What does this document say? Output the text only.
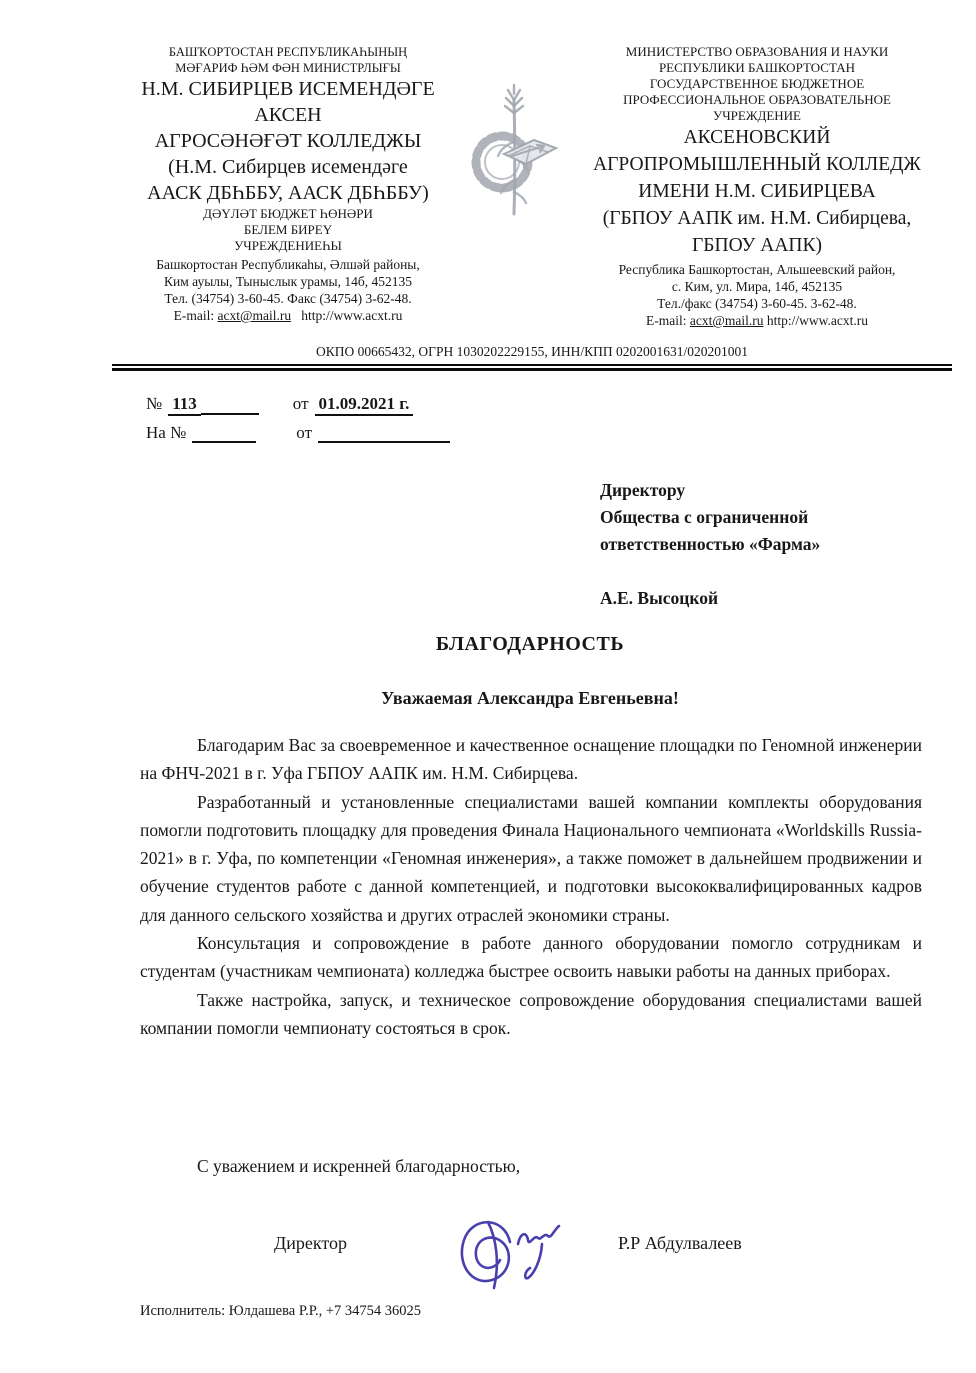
БАШҠОРТОСТАН РЕСПУБЛИКАҺЫНЫҢ
МӘҒАРИФ ҺӘМ ФӘН МИНИСТРЛЫҒЫ
Н.М. СИБИРЦЕВ ИСЕМЕНДӘГЕ
АКСЕН
АГРОСӘНӘҒӘТ КОЛЛЕДЖЫ
(Н.М. Сибирцев исемендәге
ААСК ДБҺББУ, ААСК ДБҺББУ)
ДӘҮЛӘТ БЮДЖЕТ ҺӨНӘРИ
БЕЛЕМ БИРЕҮ
УЧРЕЖДЕНИЕҺЫ
Башкортостан Республикаһы, Әлшәй районы,
Ким ауылы, Тыныслык урамы, 14б, 452135
Тел. (34754) 3-60-45. Факс (34754) 3-62-48.
E-mail: acxt@mail.ru http://www.acxt.ru
МИНИСТЕРСТВО ОБРАЗОВАНИЯ И НАУКИ
РЕСПУБЛИКИ БАШКОРТОСТАН
ГОСУДАРСТВЕННОЕ БЮДЖЕТНОЕ
ПРОФЕССИОНАЛЬНОЕ ОБРАЗОВАТЕЛЬНОЕ
УЧРЕЖДЕНИЕ
АКСЕНОВСКИЙ
АГРОПРОМЫШЛЕННЫЙ КОЛЛЕДЖ
ИМЕНИ Н.М. СИБИРЦЕВА
(ГБПОУ ААПК им. Н.М. Сибирцева,
ГБПОУ ААПК)
Республика Башкортостан, Альшеевский район,
с. Ким, ул. Мира, 14б, 452135
Тел./факс (34754) 3-60-45. 3-62-48.
E-mail: acxt@mail.ru http://www.acxt.ru
ОКПО 00665432, ОГРН 1030202229155, ИНН/КПП 0202001631/020201001
№ 113	от 01.09.2021 г.
На №	от
Директору
Общества с ограниченной
ответственностью «Фарма»
А.Е. Высоцкой
БЛАГОДАРНОСТЬ
Уважаемая Александра Евгеньевна!

Благодарим Вас за своевременное и качественное оснащение площадки по Геномной инженерии на ФНЧ-2021 в г. Уфа ГБПОУ ААПК им. Н.М. Сибирцева.

Разработанный и установленные специалистами вашей компании комплекты оборудования помогли подготовить площадку для проведения Финала Национального чемпионата «Worldskills Russia-2021» в г. Уфа, по компетенции «Геномная инженерия», а также поможет в дальнейшем продвижении и обучение студентов работе с данной компетенцией, и подготовки высококвалифицированных кадров для данного сельского хозяйства и других отраслей экономики страны.

Консультация и сопровождение в работе данного оборудовании помогло сотрудникам и студентам (участникам чемпионата) колледжа быстрее освоить навыки работы на данных приборах.

Также настройка, запуск, и техническое сопровождение оборудования специалистами вашей компании помогли чемпионату состояться в срок.

С уважением и искренней благодарностью,
Директор	Р.Р Абдулвалеев
Исполнитель: Юлдашева Р.Р., +7 34754 36025
